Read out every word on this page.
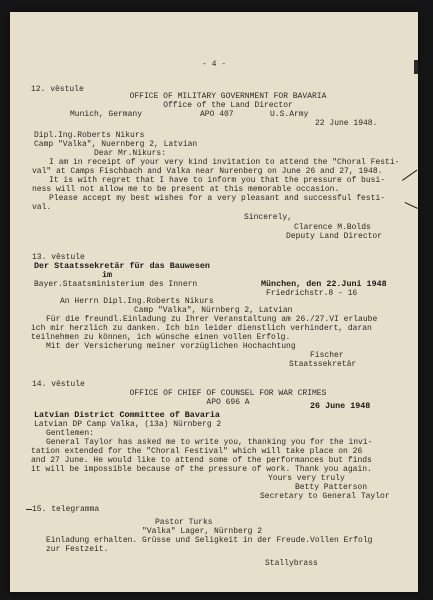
- 4 -
12. vēstule
OFFICE OF MILITARY GOVERNMENT FOR BAVARIA
Office of the Land Director
Munich, Germany	APO 407	U.S.Army
22 June 1948.
Dipl.Ing.Roberts Nikurs
Camp "Valka", Nuernberg 2, Latvian
Dear Mr.Nikurs:
I am in receipt of your very kind invitation to attend the "Choral Festi-
val" at Camps Fischbach and Valka near Nurenberg on June 26 and 27, 1948.
It is with regret that I have to inform you that the pressure of busi-
ness will not allow me to be present at this memorable occasion.
Please accept my best wishes for a very pleasant and successful festi-
val.
Sincerely,
Clarence M.Bolds
Deputy Land Director
13. vēstule
Der Staatssekretär für das Bauwesen
im
Bayer.Staatsministerium des Innern	München, den 22.Juni 1948
Friedrichstr.8 - 16
An Herrn Dipl.Ing.Roberts Nikurs
Camp "Valka", Nürnberg 2, Latvian
Für die freundl.Einladung zu Ihrer Veranstaltung am 26./27.VI erlaube
ich mir herzlich zu danken. Ich bin leider dienstlich verhindert, daran
teilnehmen zu können, ich wünsche einen vollen Erfolg.
Mit der Versicherung meiner vorzüglichen Hochachtung
Fischer
Staatssekretär
14. vēstule
OFFICE OF CHIEF OF COUNSEL FOR WAR CRIMES
APO 696 A	26 June 1948
Latvian District Committee of Bavaria
Latvian DP Camp Valka, (13a) Nürnberg 2
Gentlemen:
General Taylor has asked me to write you, thanking you for the invi-
tation extended for the "Choral Festival" which will take place on 26
and 27 June. He would like to attend some of the performances but finds
it will be impossible because of the pressure of work. Thank you again.
Yours very truly
Betty Patterson
Secretary to General Taylor
15. telegramma
Pastor Turks
"Valka" Lager, Nürnberg 2
Einladung erhalten. Grüsse und Seligkeit in der Freude.Vollen Erfolg
zur Festzeit.
Stallybrass
